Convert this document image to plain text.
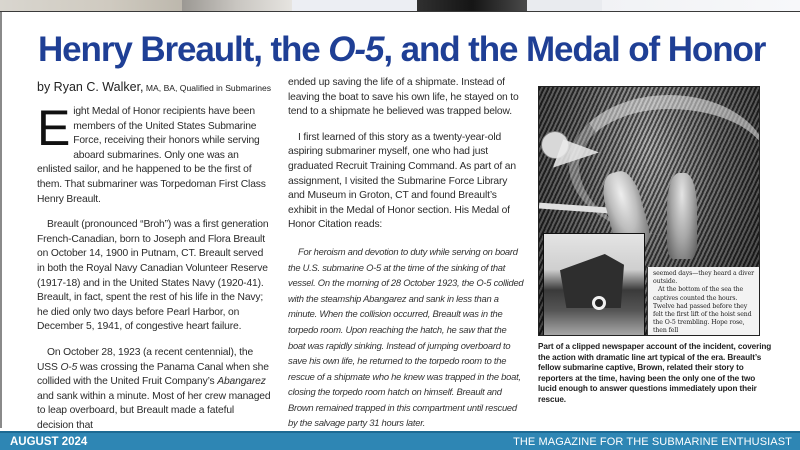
Henry Breault, the O-5, and the Medal of Honor
by Ryan C. Walker, MA, BA, Qualified in Submarines

Eight Medal of Honor recipients have been members of the United States Submarine Force, receiving their honors while serving aboard submarines. Only one was an enlisted sailor, and he happened to be the first of them. That submariner was Torpedoman First Class Henry Breault.

Breault (pronounced “Broh”) was a first generation French-Canadian, born to Joseph and Flora Breault on October 14, 1900 in Putnam, CT. Breault served in both the Royal Navy Canadian Volunteer Reserve (1917-18) and in the United States Navy (1920-41). Breault, in fact, spent the rest of his life in the Navy; he died only two days before Pearl Harbor, on December 5, 1941, of congestive heart failure.

On October 28, 1923 (a recent centennial), the USS O-5 was crossing the Panama Canal when she collided with the United Fruit Company’s Abangarez and sank within a minute. Most of her crew managed to leap overboard, but Breault made a fateful decision that

ended up saving the life of a shipmate. Instead of leaving the boat to save his own life, he stayed on to tend to a shipmate he believed was trapped below.

I first learned of this story as a twenty-year-old aspiring submariner myself, one who had just graduated Recruit Training Command. As part of an assignment, I visited the Submarine Force Library and Museum in Groton, CT and found Breault’s exhibit in the Medal of Honor section. His Medal of Honor Citation reads:

For heroism and devotion to duty while serving on board the U.S. submarine O-5 at the time of the sinking of that vessel. On the morning of 28 October 1923, the O-5 collided with the steamship Abangarez and sank in less than a minute. When the collision occurred, Breault was in the torpedo room. Upon reaching the hatch, he saw that the boat was rapidly sinking. Instead of jumping overboard to save his own life, he returned to the torpedo room to the rescue of a shipmate who he knew was trapped in the boat, closing the torpedo room hatch on himself. Breault and Brown remained trapped in this compartment until rescued by the salvage party 31 hours later.

seemed days—they heard a diver outside.

At the bottom of the sea the captives counted the hours. Twelve had passed before they felt the first lift of the hoist send the O-5 trembling. Hope rose, then fell

Part of a clipped newspaper account of the incident, covering the action with dramatic line art typical of the era. Breault’s fellow submarine captive, Brown, related their story to reporters at the time, having been the only one of the two lucid enough to answer questions immediately upon their rescue.

AUGUST 2024	THE MAGAZINE FOR THE SUBMARINE ENTHUSIAST
